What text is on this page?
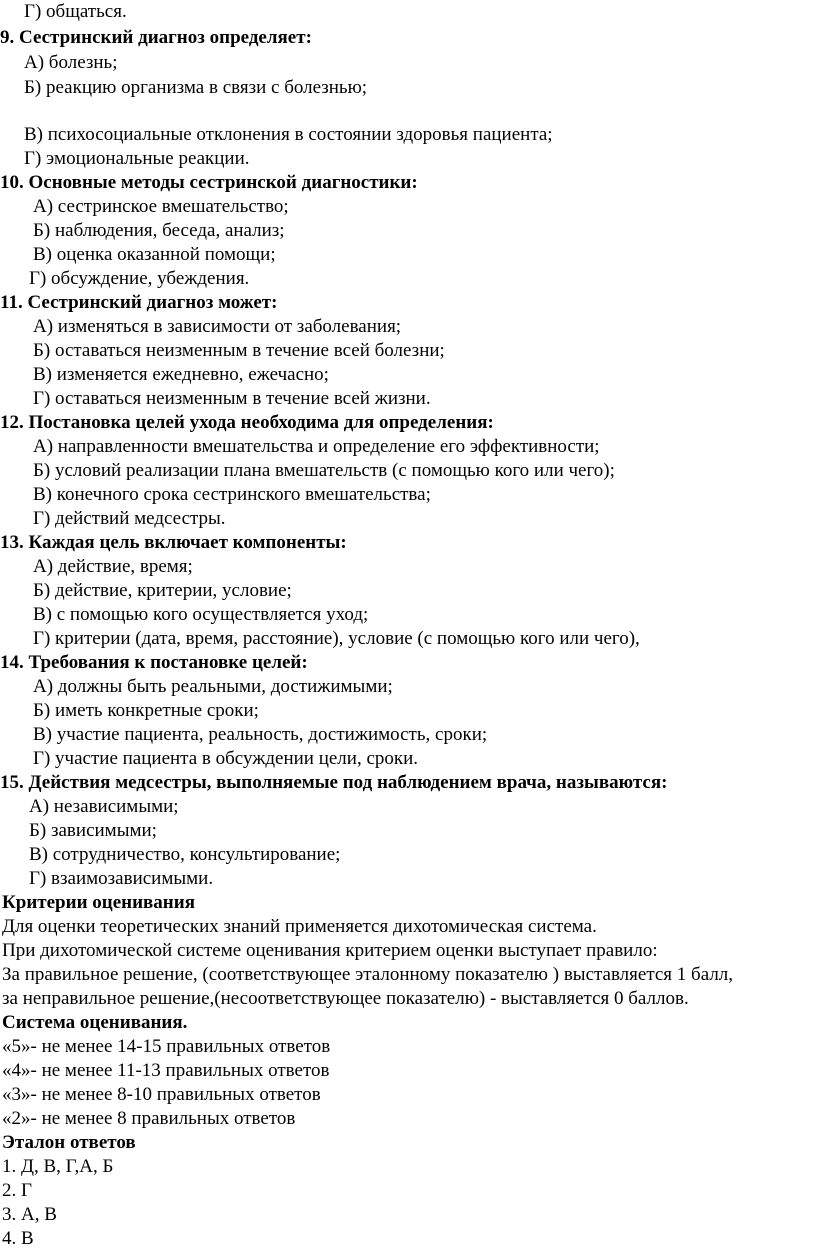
Г) общаться.
9. Сестринский диагноз определяет:
А) болезнь;
Б) реакцию организма в связи с болезнью;
В) психосоциальные отклонения в состоянии здоровья пациента;
Г) эмоциональные реакции.
10. Основные методы сестринской диагностики:
А) сестринское вмешательство;
Б) наблюдения, беседа, анализ;
В) оценка оказанной помощи;
Г) обсуждение, убеждения.
11. Сестринский диагноз может:
А) изменяться в зависимости от заболевания;
Б) оставаться неизменным в течение всей болезни;
В) изменяется ежедневно, ежечасно;
Г) оставаться неизменным в течение всей жизни.
12. Постановка целей ухода необходима для определения:
А) направленности вмешательства и определение его эффективности;
Б) условий реализации плана вмешательств (с помощью кого или чего);
В) конечного срока сестринского вмешательства;
Г) действий медсестры.
13. Каждая цель включает компоненты:
А) действие, время;
Б) действие, критерии, условие;
В) с помощью кого осуществляется уход;
Г) критерии (дата, время, расстояние), условие (с помощью кого или чего),
14. Требования к постановке целей:
А) должны быть реальными, достижимыми;
Б) иметь конкретные сроки;
В) участие пациента, реальность, достижимость, сроки;
Г) участие пациента в обсуждении цели, сроки.
15. Действия медсестры, выполняемые под наблюдением врача, называются:
А) независимыми;
Б) зависимыми;
В) сотрудничество, консультирование;
Г) взаимозависимыми.
Критерии оценивания
Для оценки теоретических знаний применяется дихотомическая система.
При дихотомической системе оценивания критерием оценки выступает правило:
За правильное решение, (соответствующее эталонному показателю ) выставляется 1 балл,
за неправильное решение,(несоответствующее показателю) - выставляется 0 баллов.
Система оценивания.
«5»- не менее 14-15 правильных ответов
«4»- не менее 11-13 правильных ответов
«3»- не менее 8-10 правильных ответов
«2»- не менее 8 правильных ответов
Эталон ответов
1. Д, В, Г,А, Б
2. Г
3. А, В
4. В
